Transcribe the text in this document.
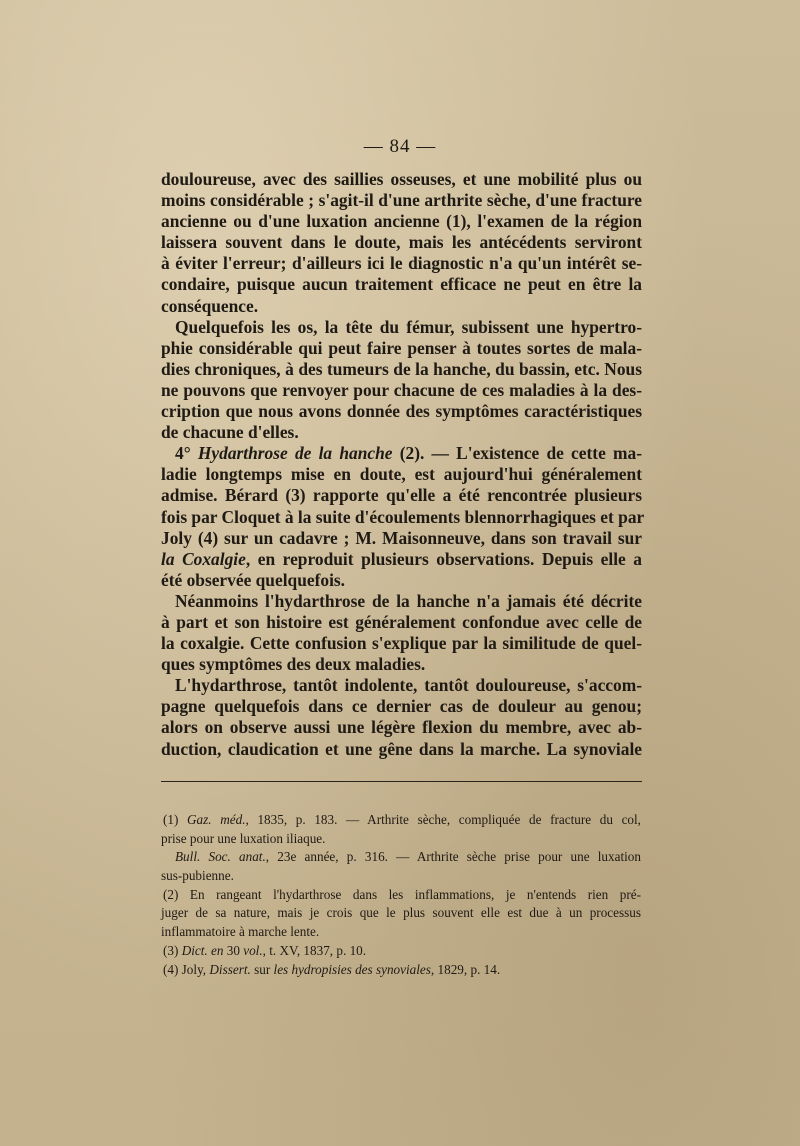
— 84 —
douloureuse, avec des saillies osseuses, et une mobilité plus ou
moins considérable ; s'agit-il d'une arthrite sèche, d'une fracture
ancienne ou d'une luxation ancienne (1), l'examen de la région
laissera souvent dans le doute, mais les antécédents serviront
à éviter l'erreur; d'ailleurs ici le diagnostic n'a qu'un intérêt se-
condaire, puisque aucun traitement efficace ne peut en être la
conséquence.
Quelquefois les os, la tête du fémur, subissent une hypertro-
phie considérable qui peut faire penser à toutes sortes de mala-
dies chroniques, à des tumeurs de la hanche, du bassin, etc. Nous
ne pouvons que renvoyer pour chacune de ces maladies à la des-
cription que nous avons donnée des symptômes caractéristiques
de chacune d'elles.
4° Hydarthrose de la hanche (2). — L'existence de cette ma-
ladie longtemps mise en doute, est aujourd'hui généralement
admise. Bérard (3) rapporte qu'elle a été rencontrée plusieurs
fois par Cloquet à la suite d'écoulements blennorrhagiques et par
Joly (4) sur un cadavre ; M. Maisonneuve, dans son travail sur
la Coxalgie, en reproduit plusieurs observations. Depuis elle a
été observée quelquefois.
Néanmoins l'hydarthrose de la hanche n'a jamais été décrite
à part et son histoire est généralement confondue avec celle de
la coxalgie. Cette confusion s'explique par la similitude de quel-
ques symptômes des deux maladies.
L'hydarthrose, tantôt indolente, tantôt douloureuse, s'accom-
pagne quelquefois dans ce dernier cas de douleur au genou;
alors on observe aussi une légère flexion du membre, avec ab-
duction, claudication et une gêne dans la marche. La synoviale
(1) Gaz. méd., 1835, p. 183. — Arthrite sèche, compliquée de fracture du col,
prise pour une luxation iliaque.
Bull. Soc. anat., 23e année, p. 316. — Arthrite sèche prise pour une luxation
sus-pubienne.
(2) En rangeant l'hydarthrose dans les inflammations, je n'entends rien pré-
juger de sa nature, mais je crois que le plus souvent elle est due à un processus
inflammatoire à marche lente.
(3) Dict. en 30 vol., t. XV, 1837, p. 10.
(4) Joly, Dissert. sur les hydropisies des synoviales, 1829, p. 14.
